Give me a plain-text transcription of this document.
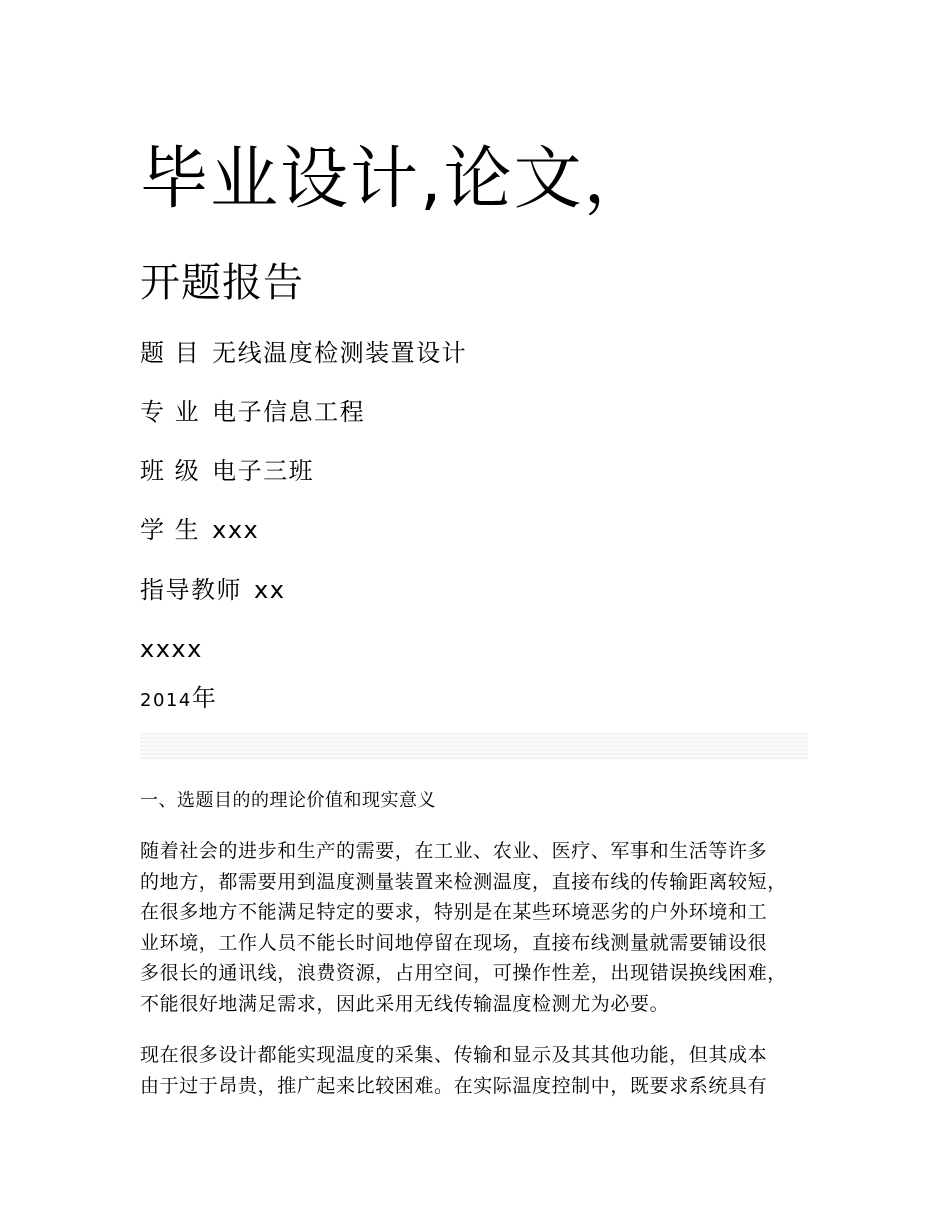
毕业设计,论文，
开题报告
题 目 无线温度检测装置设计
专 业 电子信息工程
班 级 电子三班
学 生 xxx
指导教师 xx
xxxx
2014年
一、选题目的的理论价值和现实意义
随着社会的进步和生产的需要，在工业、农业、医疗、军事和生活等许多
的地方，都需要用到温度测量装置来检测温度，直接布线的传输距离较短，
在很多地方不能满足特定的要求，特别是在某些环境恶劣的户外环境和工
业环境，工作人员不能长时间地停留在现场，直接布线测量就需要铺设很
多很长的通讯线，浪费资源，占用空间，可操作性差，出现错误换线困难，
不能很好地满足需求，因此采用无线传输温度检测尤为必要。
现在很多设计都能实现温度的采集、传输和显示及其其他功能，但其成本
由于过于昂贵，推广起来比较困难。在实际温度控制中，既要求系统具有
